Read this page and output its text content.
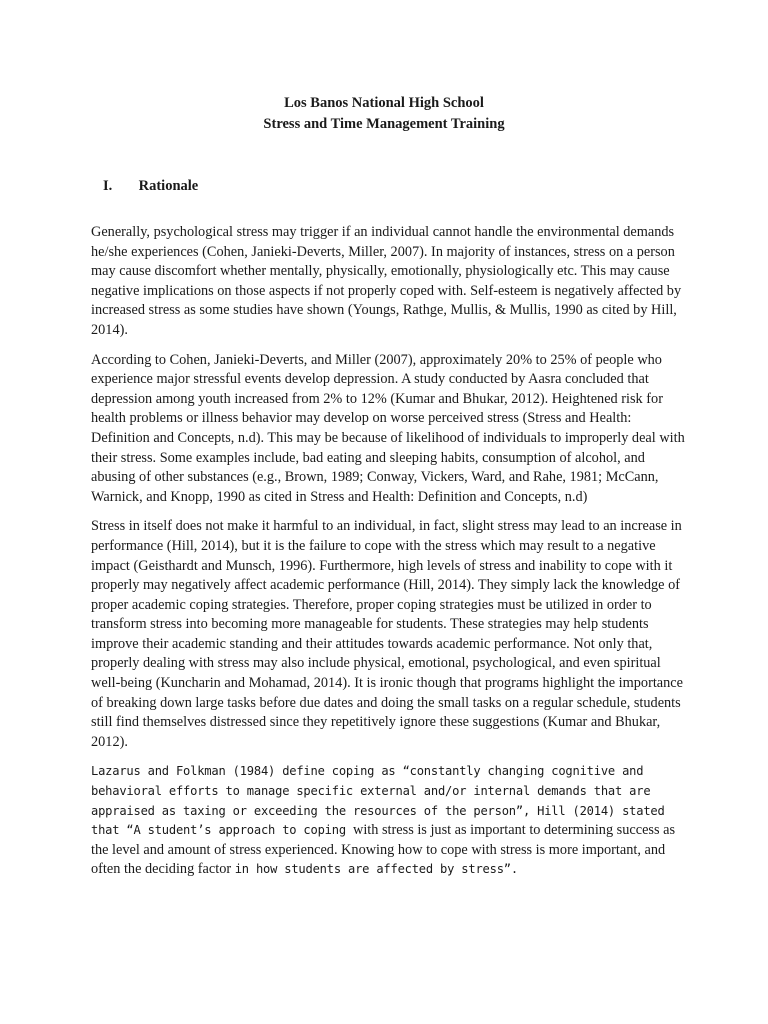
Los Banos National High School
Stress and Time Management Training
I. Rationale

Generally, psychological stress may trigger if an individual cannot handle the environmental demands he/she experiences (Cohen, Janieki-Deverts, Miller, 2007). In majority of instances, stress on a person may cause discomfort whether mentally, physically, emotionally, physiologically etc. This may cause negative implications on those aspects if not properly coped with. Self-esteem is negatively affected by increased stress as some studies have shown (Youngs, Rathge, Mullis, & Mullis, 1990 as cited by Hill, 2014).

According to Cohen, Janieki-Deverts, and Miller (2007), approximately 20% to 25% of people who experience major stressful events develop depression. A study conducted by Aasra concluded that depression among youth increased from 2% to 12% (Kumar and Bhukar, 2012). Heightened risk for health problems or illness behavior may develop on worse perceived stress (Stress and Health: Definition and Concepts, n.d). This may be because of likelihood of individuals to improperly deal with their stress. Some examples include, bad eating and sleeping habits, consumption of alcohol, and abusing of other substances (e.g., Brown, 1989; Conway, Vickers, Ward, and Rahe, 1981; McCann, Warnick, and Knopp, 1990 as cited in Stress and Health: Definition and Concepts, n.d)

Stress in itself does not make it harmful to an individual, in fact, slight stress may lead to an increase in performance (Hill, 2014), but it is the failure to cope with the stress which may result to a negative impact (Geisthardt and Munsch, 1996). Furthermore, high levels of stress and inability to cope with it properly may negatively affect academic performance (Hill, 2014). They simply lack the knowledge of proper academic coping strategies. Therefore, proper coping strategies must be utilized in order to transform stress into becoming more manageable for students. These strategies may help students improve their academic standing and their attitudes towards academic performance. Not only that, properly dealing with stress may also include physical, emotional, psychological, and even spiritual well-being (Kuncharin and Mohamad, 2014). It is ironic though that programs highlight the importance of breaking down large tasks before due dates and doing the small tasks on a regular schedule, students still find themselves distressed since they repetitively ignore these suggestions (Kumar and Bhukar, 2012).

Lazarus and Folkman (1984) define coping as “constantly changing cognitive and behavioral efforts to manage specific external and/or internal demands that are appraised as taxing or exceeding the resources of the person”, Hill (2014) stated that “A student’s approach to coping with stress is just as important to determining success as the level and amount of stress experienced. Knowing how to cope with stress is more important, and often the deciding factor in how students are affected by stress”.
